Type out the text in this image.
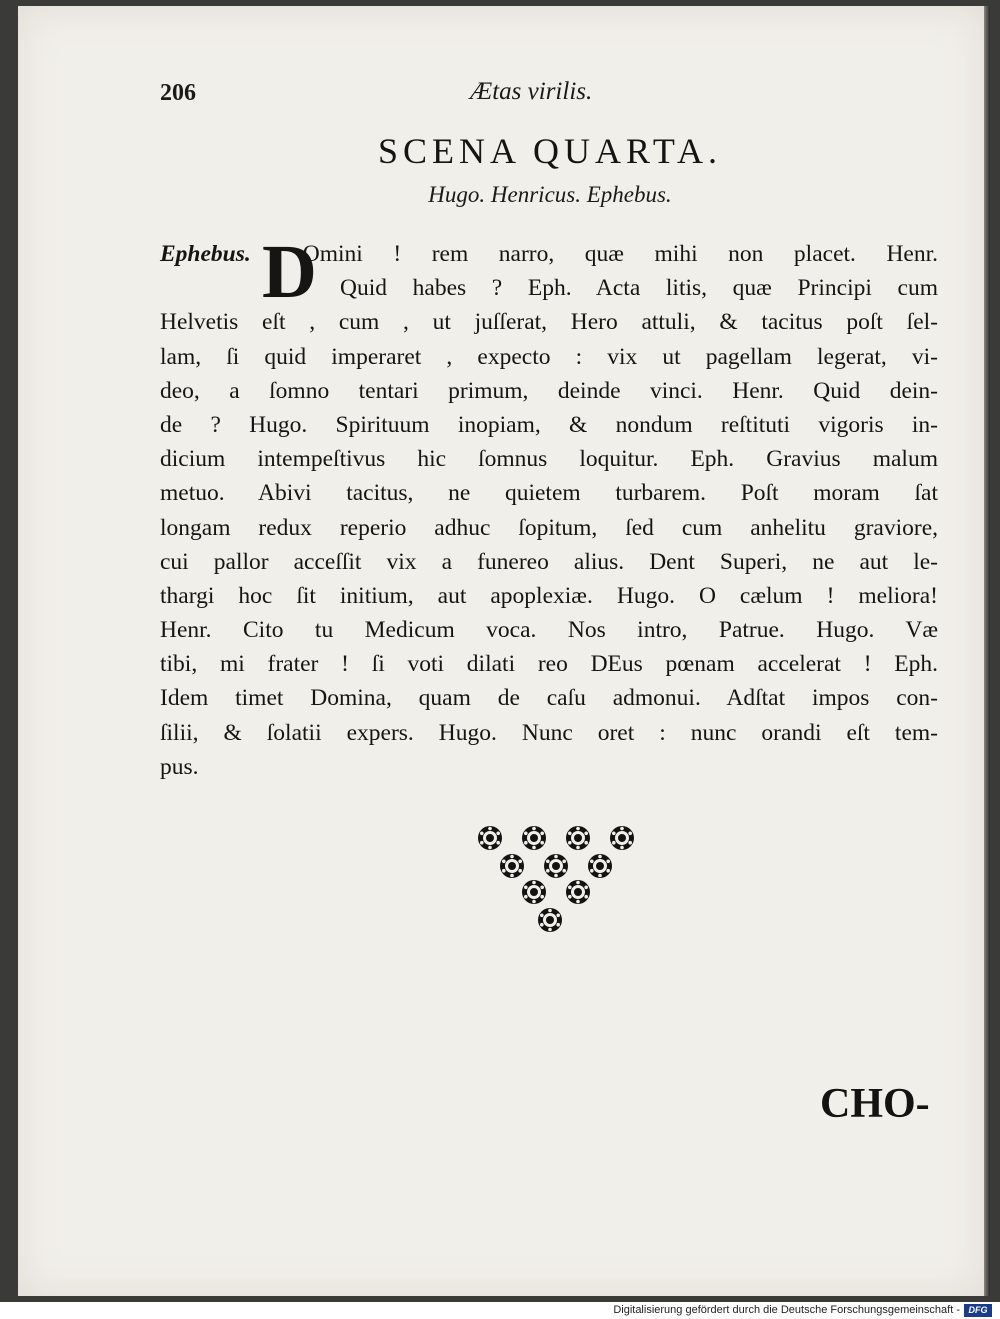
206	Ætas virilis.
SCENA QUARTA.
Hugo. Henricus. Ephebus.
D
Ephebus. Omini ! rem narro, quæ mihi non placet. Henr.
Quid habes ? Eph. Acta litis, quæ Principi cum
Helvetis eſt , cum , ut juſſerat, Hero attuli, & tacitus poſt ſel-
lam, ſi quid imperaret , expecto : vix ut pagellam legerat, vi-
deo, a ſomno tentari primum, deinde vinci. Henr. Quid dein-
de ? Hugo. Spirituum inopiam, & nondum reſtituti vigoris in-
dicium intempeſtivus hic ſomnus loquitur. Eph. Gravius malum
metuo. Abivi tacitus, ne quietem turbarem. Poſt moram ſat
longam redux reperio adhuc ſopitum, ſed cum anhelitu graviore,
cui pallor acceſſit vix a funereo alius. Dent Superi, ne aut le-
thargi hoc ſit initium, aut apoplexiæ. Hugo. O cælum ! meliora!
Henr. Cito tu Medicum voca. Nos intro, Patrue. Hugo. Væ
tibi, mi frater ! ſi voti dilati reo DEus pœnam accelerat ! Eph.
Idem timet Domina, quam de caſu admonui. Adſtat impos con-
ſilii, & ſolatii expers. Hugo. Nunc oret : nunc orandi eſt tem-
pus.
CHO-
Digitalisierung gefördert durch die Deutsche Forschungsgemeinschaft - DFG
